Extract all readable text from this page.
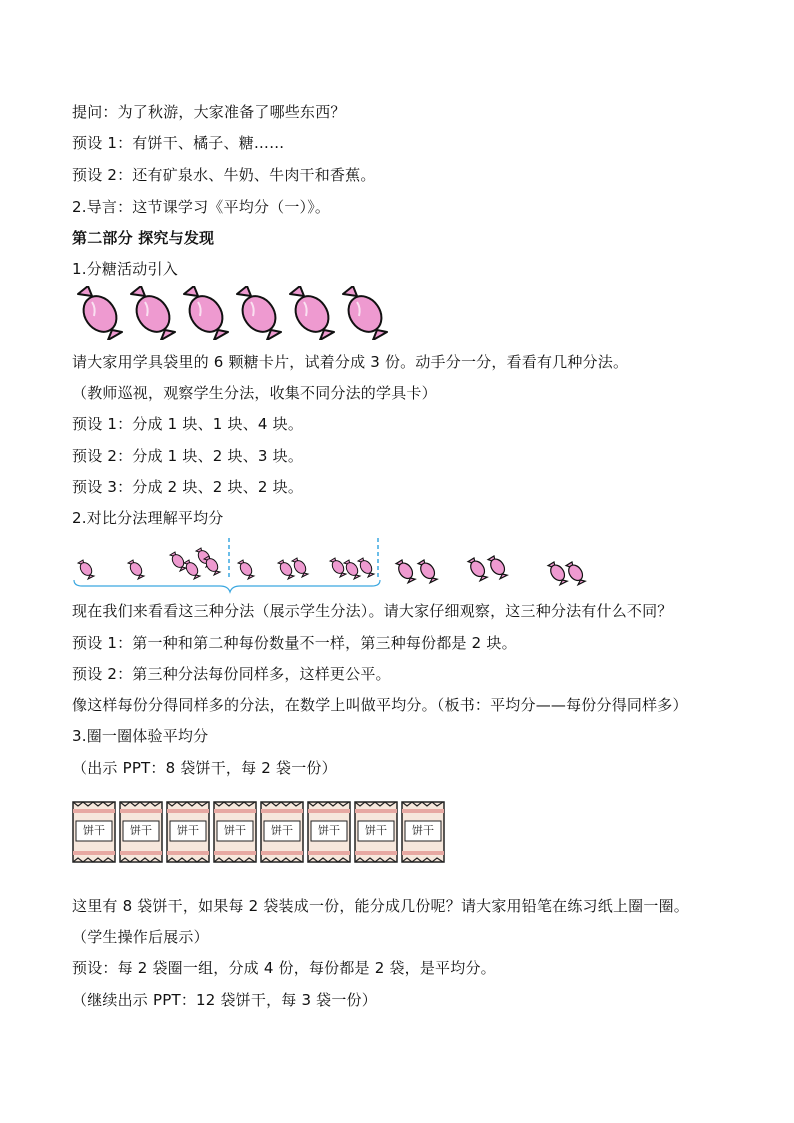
提问：为了秋游，大家准备了哪些东西？
预设 1：有饼干、橘子、糖……
预设 2：还有矿泉水、牛奶、牛肉干和香蕉。
2.导言：这节课学习《平均分（一）》。
第二部分 探究与发现
1.分糖活动引入
请大家用学具袋里的 6 颗糖卡片，试着分成 3 份。动手分一分，看看有几种分法。
（教师巡视，观察学生分法，收集不同分法的学具卡）
预设 1：分成 1 块、1 块、4 块。
预设 2：分成 1 块、2 块、3 块。
预设 3：分成 2 块、2 块、2 块。
2.对比分法理解平均分
现在我们来看看这三种分法（展示学生分法）。请大家仔细观察，这三种分法有什么不同？
预设 1：第一种和第二种每份数量不一样，第三种每份都是 2 块。
预设 2：第三种分法每份同样多，这样更公平。
像这样每份分得同样多的分法，在数学上叫做平均分。（板书：平均分——每份分得同样多）
3.圈一圈体验平均分
（出示 PPT：8 袋饼干，每 2 袋一份）
饼干	饼干	饼干	饼干	饼干	饼干	饼干	饼干
这里有 8 袋饼干，如果每 2 袋装成一份，能分成几份呢？请大家用铅笔在练习纸上圈一圈。
（学生操作后展示）
预设：每 2 袋圈一组，分成 4 份，每份都是 2 袋，是平均分。
（继续出示 PPT：12 袋饼干，每 3 袋一份）
